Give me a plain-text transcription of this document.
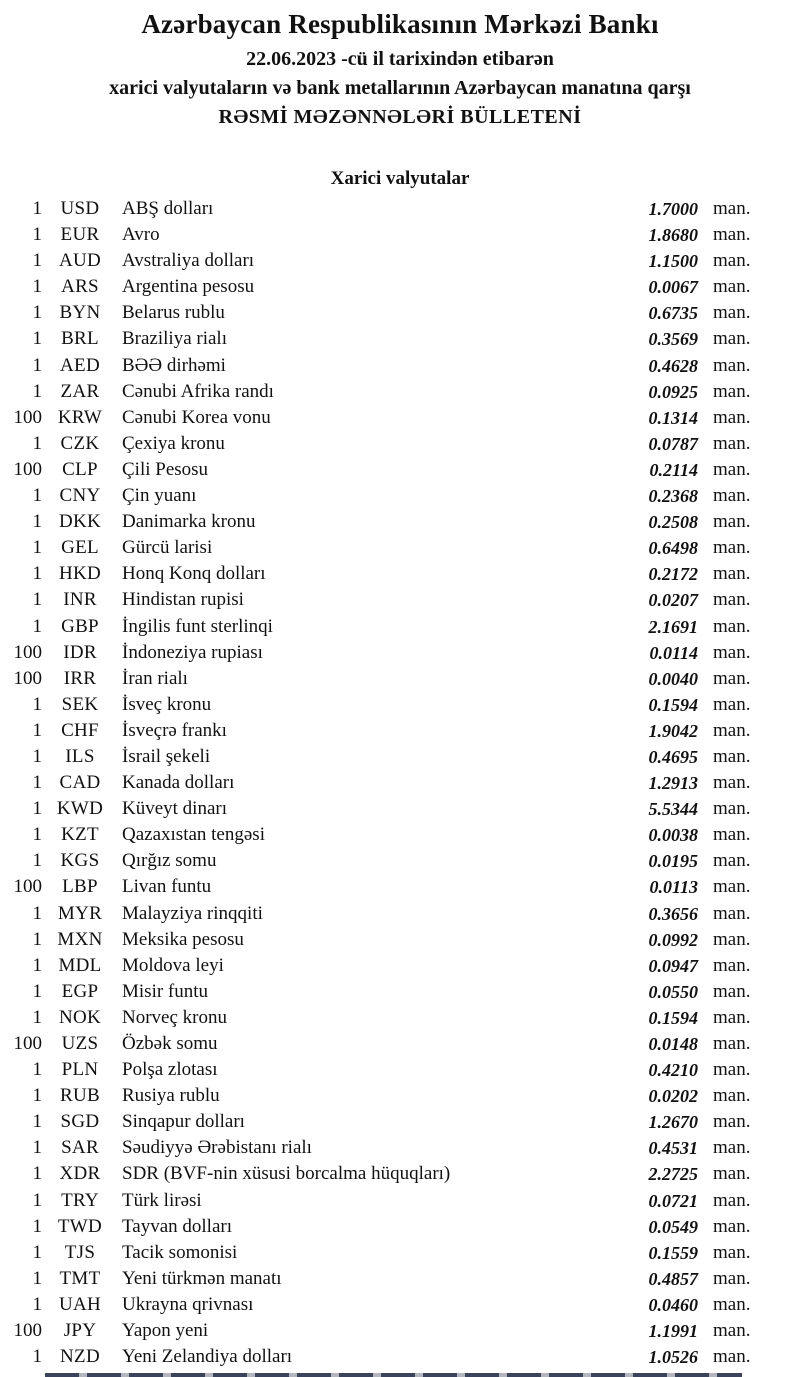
Azərbaycan Respublikasının Mərkəzi Bankı
22.06.2023 -cü il tarixindən etibarən
xarici valyutaların və bank metallarının Azərbaycan manatına qarşı
RƏSMİ MƏZƏNNƏLƏRİ BÜLLETENİ
Xarici valyutalar
1 USD	ABŞ dolları	1.7000 man.
1 EUR	Avro	1.8680 man.
1 AUD	Avstraliya dolları	1.1500 man.
1	ARS	Argentina pesosu	0.0067 man.
1 BYN	Belarus rublu	0.6735 man.
1	BRL	Braziliya rialı	0.3569 man.
1 AED	BƏƏ dirhəmi	0.4628 man.
1 ZAR	Cənubi Afrika randı	0.0925 man.
100 KRW	Cənubi Korea vonu	0.1314 man.
1 CZK	Çexiya kronu	0.0787 man.
100	CLP	Çili Pesosu	0.2114 man.
1 CNY	Çin yuanı	0.2368 man.
1 DKK	Danimarka kronu	0.2508 man.
1	GEL	Gürcü larisi	0.6498 man.
1 HKD	Honq Konq dolları	0.2172 man.
1	INR	Hindistan rupisi	0.0207 man.
1	GBP	İngilis funt sterlinqi	2.1691 man.
100	IDR	İndoneziya rupiası	0.0114 man.
100	IRR	İran rialı	0.0040 man.
1	SEK	İsveç kronu	0.1594 man.
1	CHF	İsveçrə frankı	1.9042 man.
1	ILS	İsrail şekeli	0.4695 man.
1 CAD	Kanada dolları	1.2913 man.
1 KWD Küveyt dinarı	5.5344 man.
1	KZT	Qazaxıstan tengəsi	0.0038 man.
1 KGS	Qırğız somu	0.0195 man.
100	LBP	Livan funtu	0.0113 man.
1 MYR	Malayziya rinqqiti	0.3656 man.
1 MXN	Meksika pesosu	0.0992 man.
1 MDL	Moldova leyi	0.0947 man.
1	EGP	Misir funtu	0.0550 man.
1 NOK	Norveç kronu	0.1594 man.
100	UZS	Özbək somu	0.0148 man.
1	PLN	Polşa zlotası	0.4210 man.
1 RUB	Rusiya rublu	0.0202 man.
1 SGD	Sinqapur dolları	1.2670 man.
1	SAR	Səudiyyə Ərəbistanı rialı	0.4531 man.
1 XDR	SDR (BVF-nin xüsusi borcalma hüquqları)	2.2725 man.
1	TRY	Türk lirəsi	0.0721 man.
1 TWD	Tayvan dolları	0.0549 man.
1	TJS	Tacik somonisi	0.1559 man.
1 TMT	Yeni türkmən manatı	0.4857 man.
1 UAH	Ukrayna qrivnası	0.0460 man.
100	JPY	Yapon yeni	1.1991 man.
1 NZD	Yeni Zelandiya dolları	1.0526 man.
